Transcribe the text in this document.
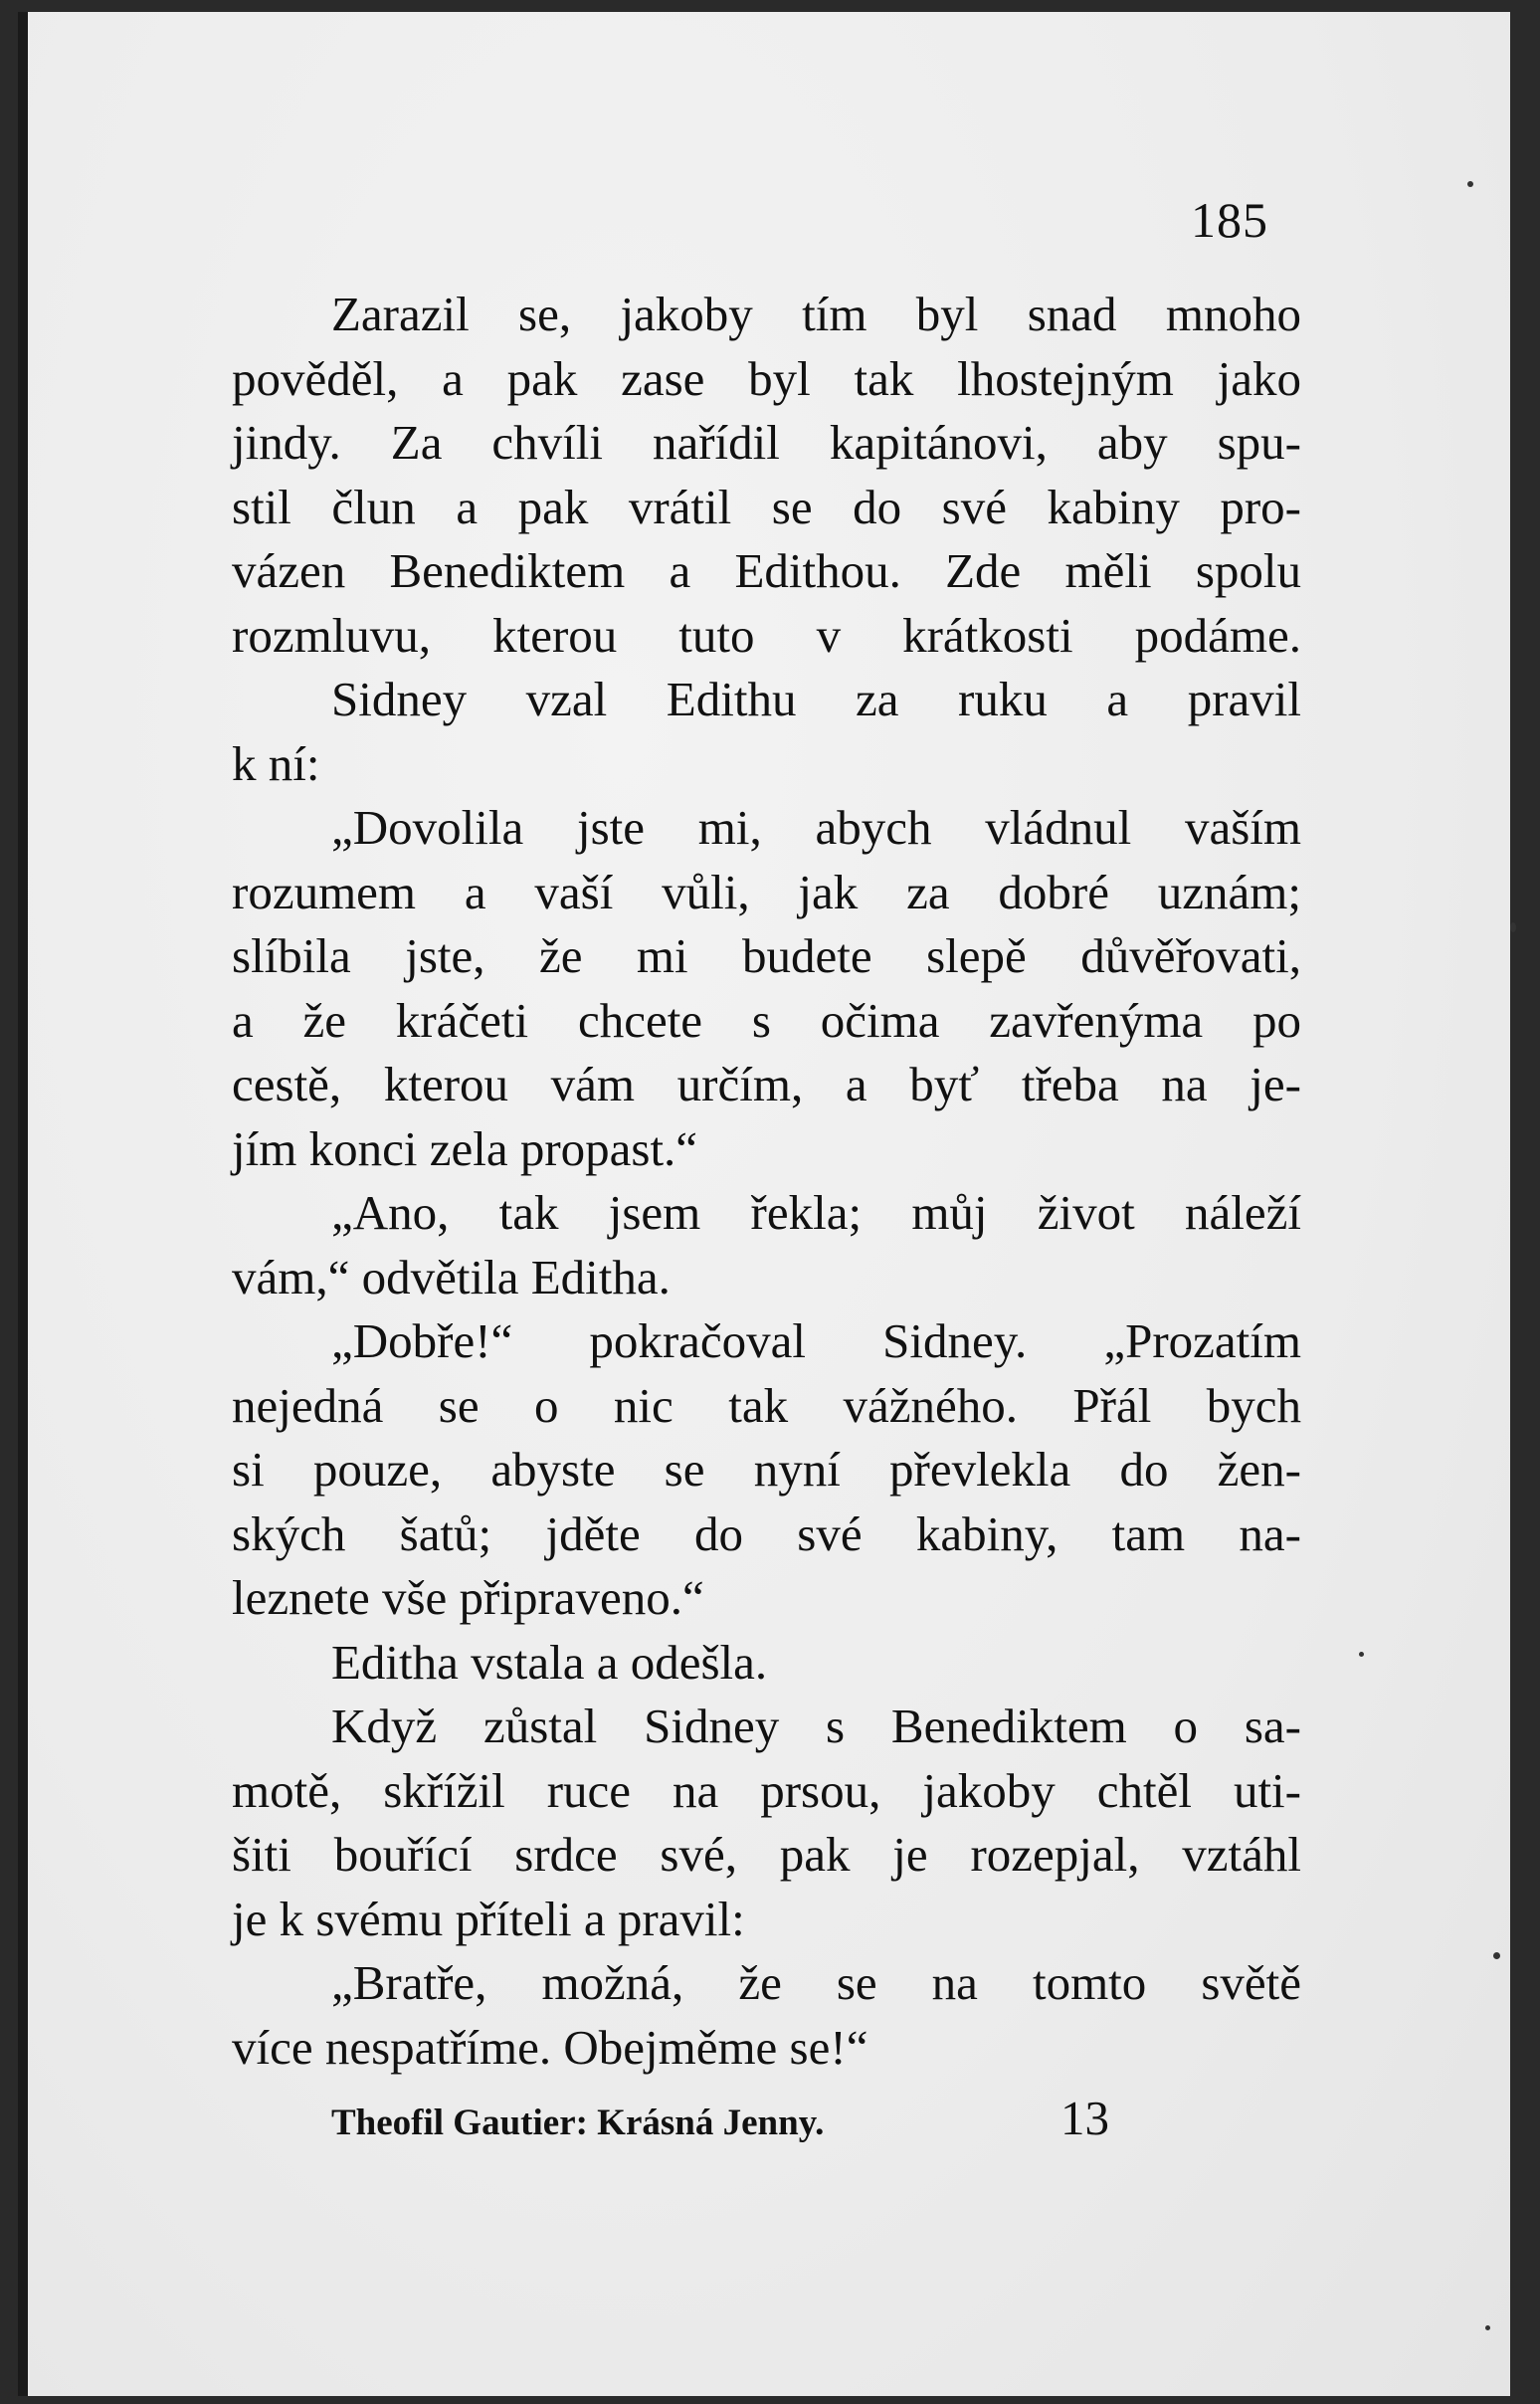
185
Zarazil se, jakoby tím byl snad mnoho
pověděl, a pak zase byl tak lhostejným jako
jindy. Za chvíli nařídil kapitánovi, aby spu-
stil člun a pak vrátil se do své kabiny pro-
vázen Benediktem a Edithou. Zde měli spolu
rozmluvu, kterou tuto v krátkosti podáme.
Sidney vzal Edithu za ruku a pravil
k ní:
„Dovolila jste mi, abych vládnul vaším
rozumem a vaší vůli, jak za dobré uznám;
slíbila jste, že mi budete slepě důvěřovati,
a že kráčeti chcete s očima zavřenýma po
cestě, kterou vám určím, a byť třeba na je-
jím konci zela propast.“
„Ano, tak jsem řekla; můj život náleží
vám,“ odvětila Editha.
„Dobře!“ pokračoval Sidney. „Prozatím
nejedná se o nic tak vážného. Přál bych
si pouze, abyste se nyní převlekla do žen-
ských šatů; jděte do své kabiny, tam na-
leznete vše připraveno.“
Editha vstala a odešla.
Když zůstal Sidney s Benediktem o sa-
motě, skřížil ruce na prsou, jakoby chtěl uti-
šiti bouřící srdce své, pak je rozepjal, vztáhl
je k svému příteli a pravil:
„Bratře, možná, že se na tomto světě
více nespatříme. Obejměme se!“
Theofil Gautier: Krásná Jenny.	13
